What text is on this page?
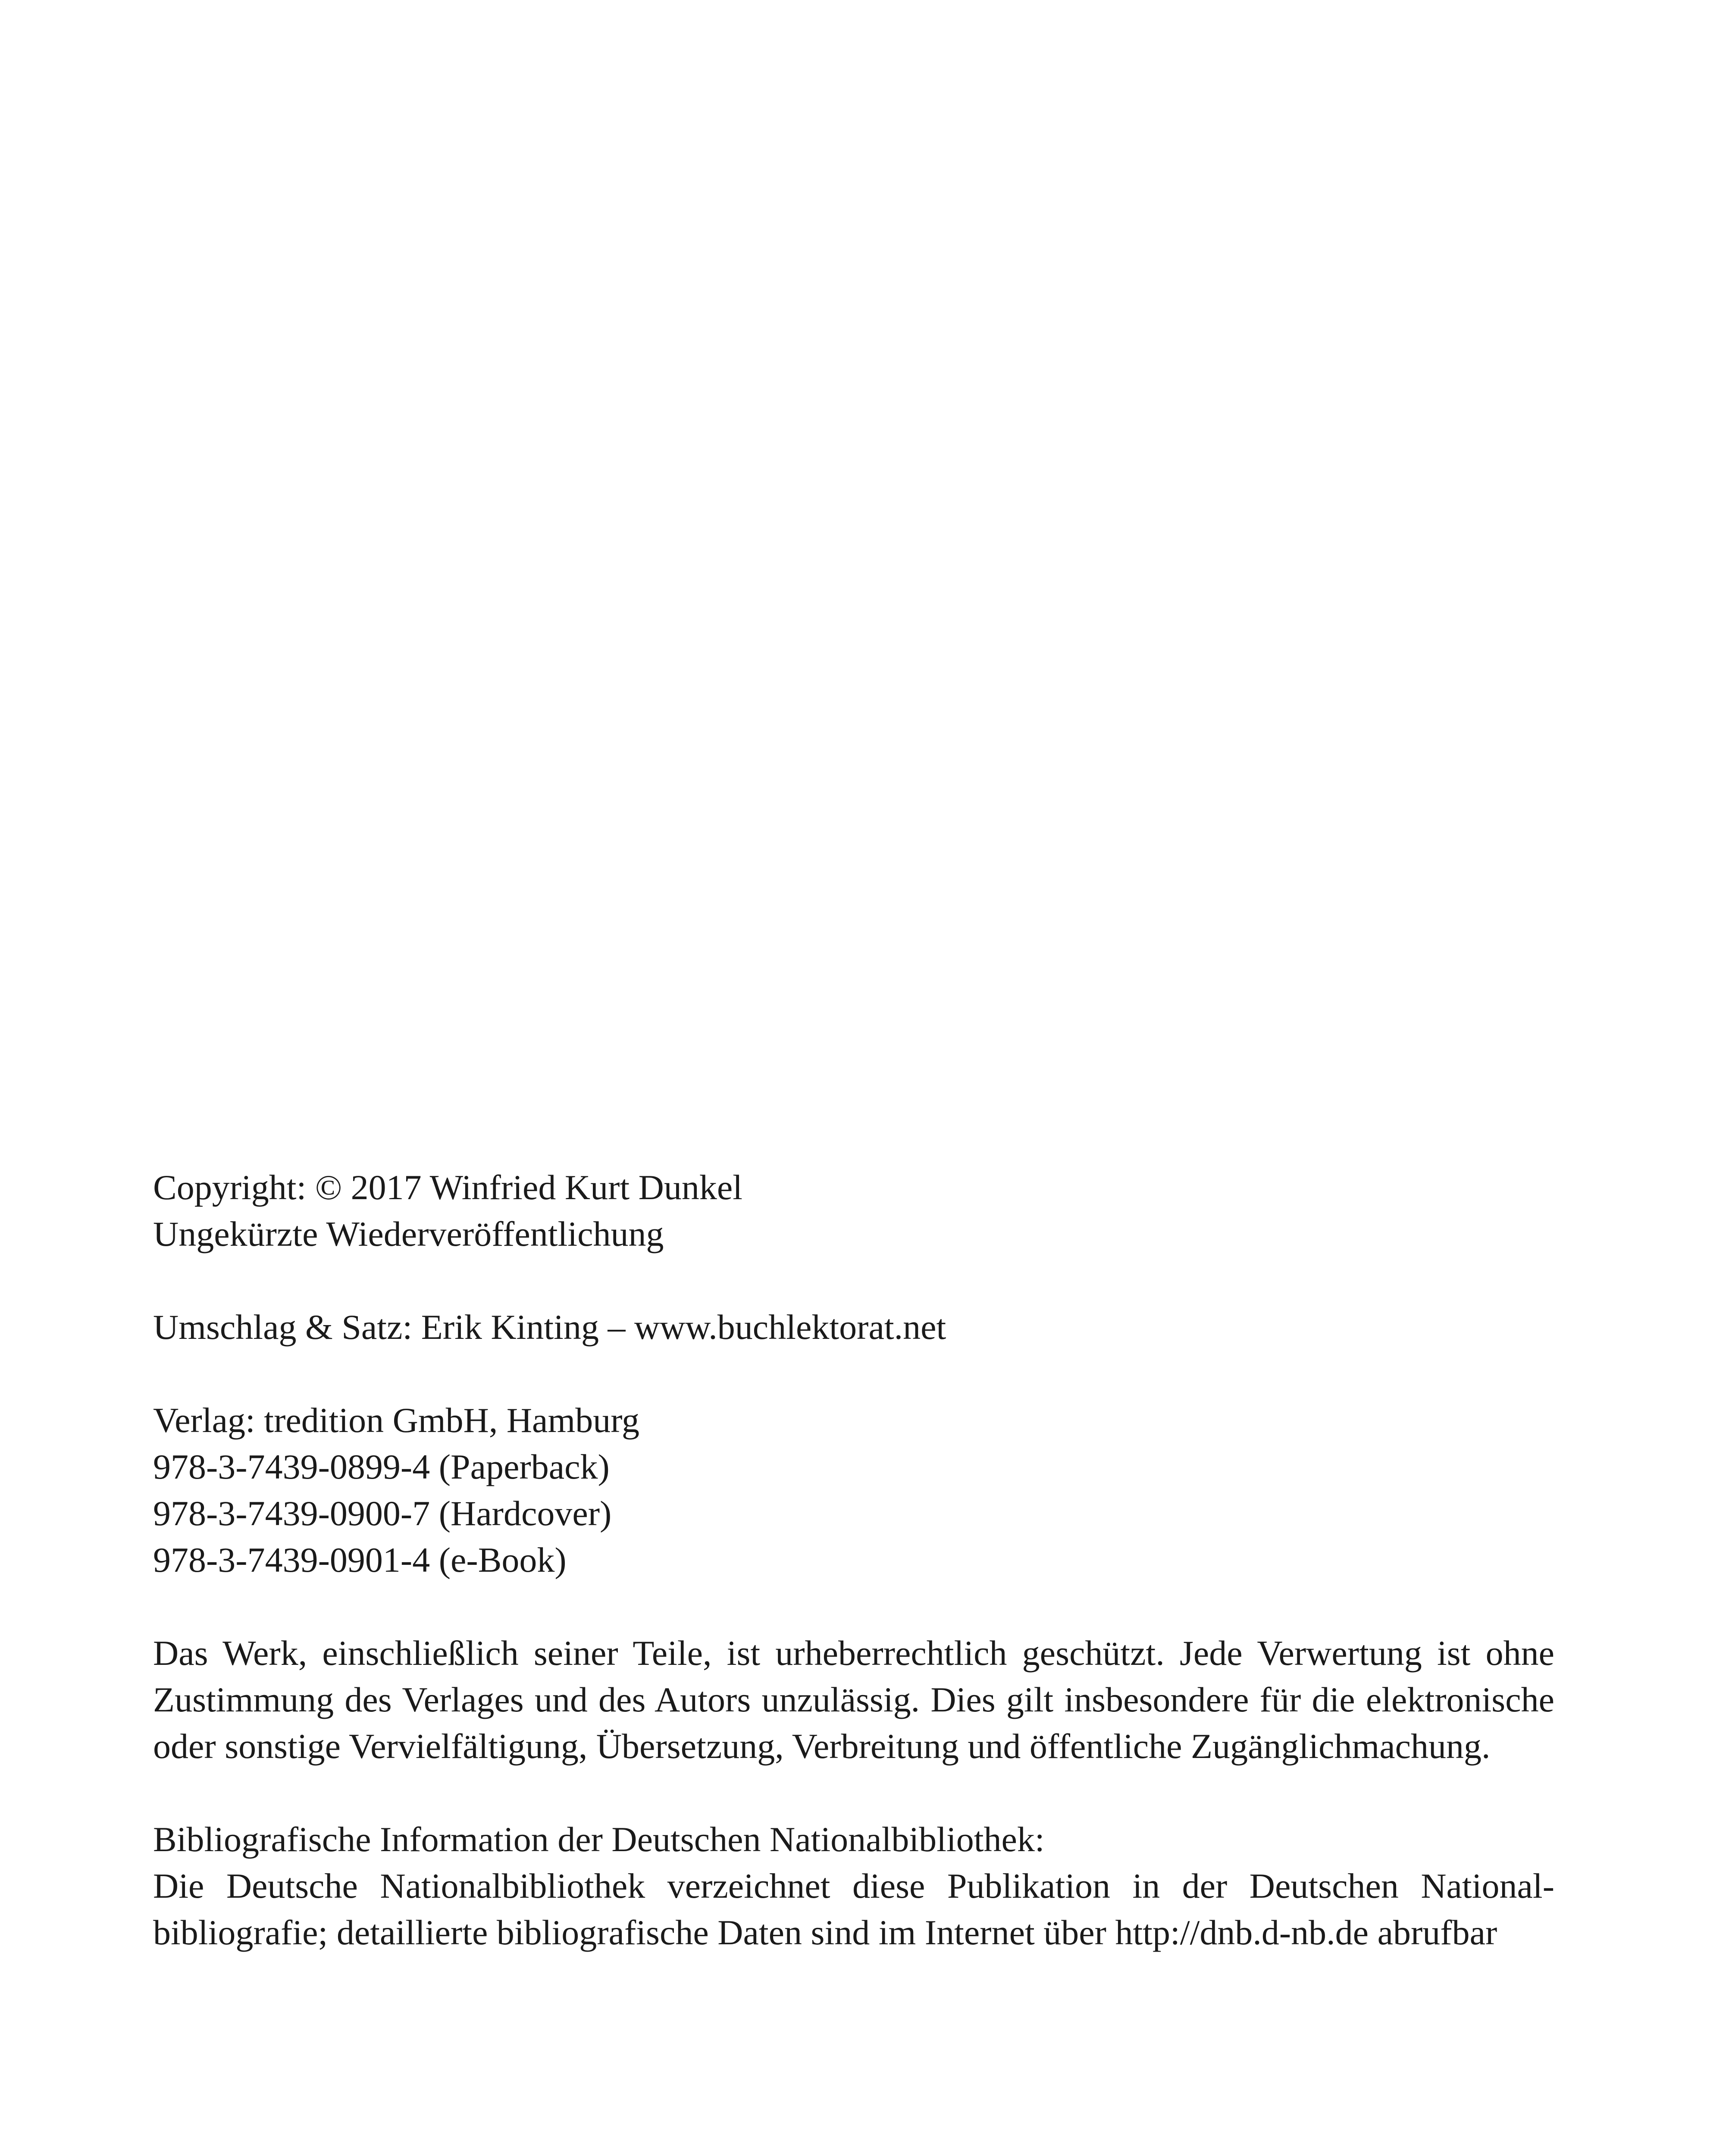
Copyright: © 2017 Winfried Kurt Dunkel
Ungekürzte Wiederveröffentlichung
Umschlag & Satz: Erik Kinting – www.buchlektorat.net
Verlag: tredition GmbH, Hamburg
978-3-7439-0899-4 (Paperback)
978-3-7439-0900-7 (Hardcover)
978-3-7439-0901-4 (e-Book)
Das Werk, einschließlich seiner Teile, ist urheberrechtlich geschützt. Jede Verwertung ist ohne Zustimmung des Verlages und des Autors unzulässig. Dies gilt insbesondere für die elektronische oder sonstige Vervielfältigung, Übersetzung, Verbreitung und öffentliche Zugänglichmachung.
Bibliografische Information der Deutschen Nationalbibliothek:
Die Deutsche Nationalbibliothek verzeichnet diese Publikation in der Deutschen Nationalbibliografie; detaillierte bibliografische Daten sind im Internet über http://dnb.d-nb.de abrufbar
